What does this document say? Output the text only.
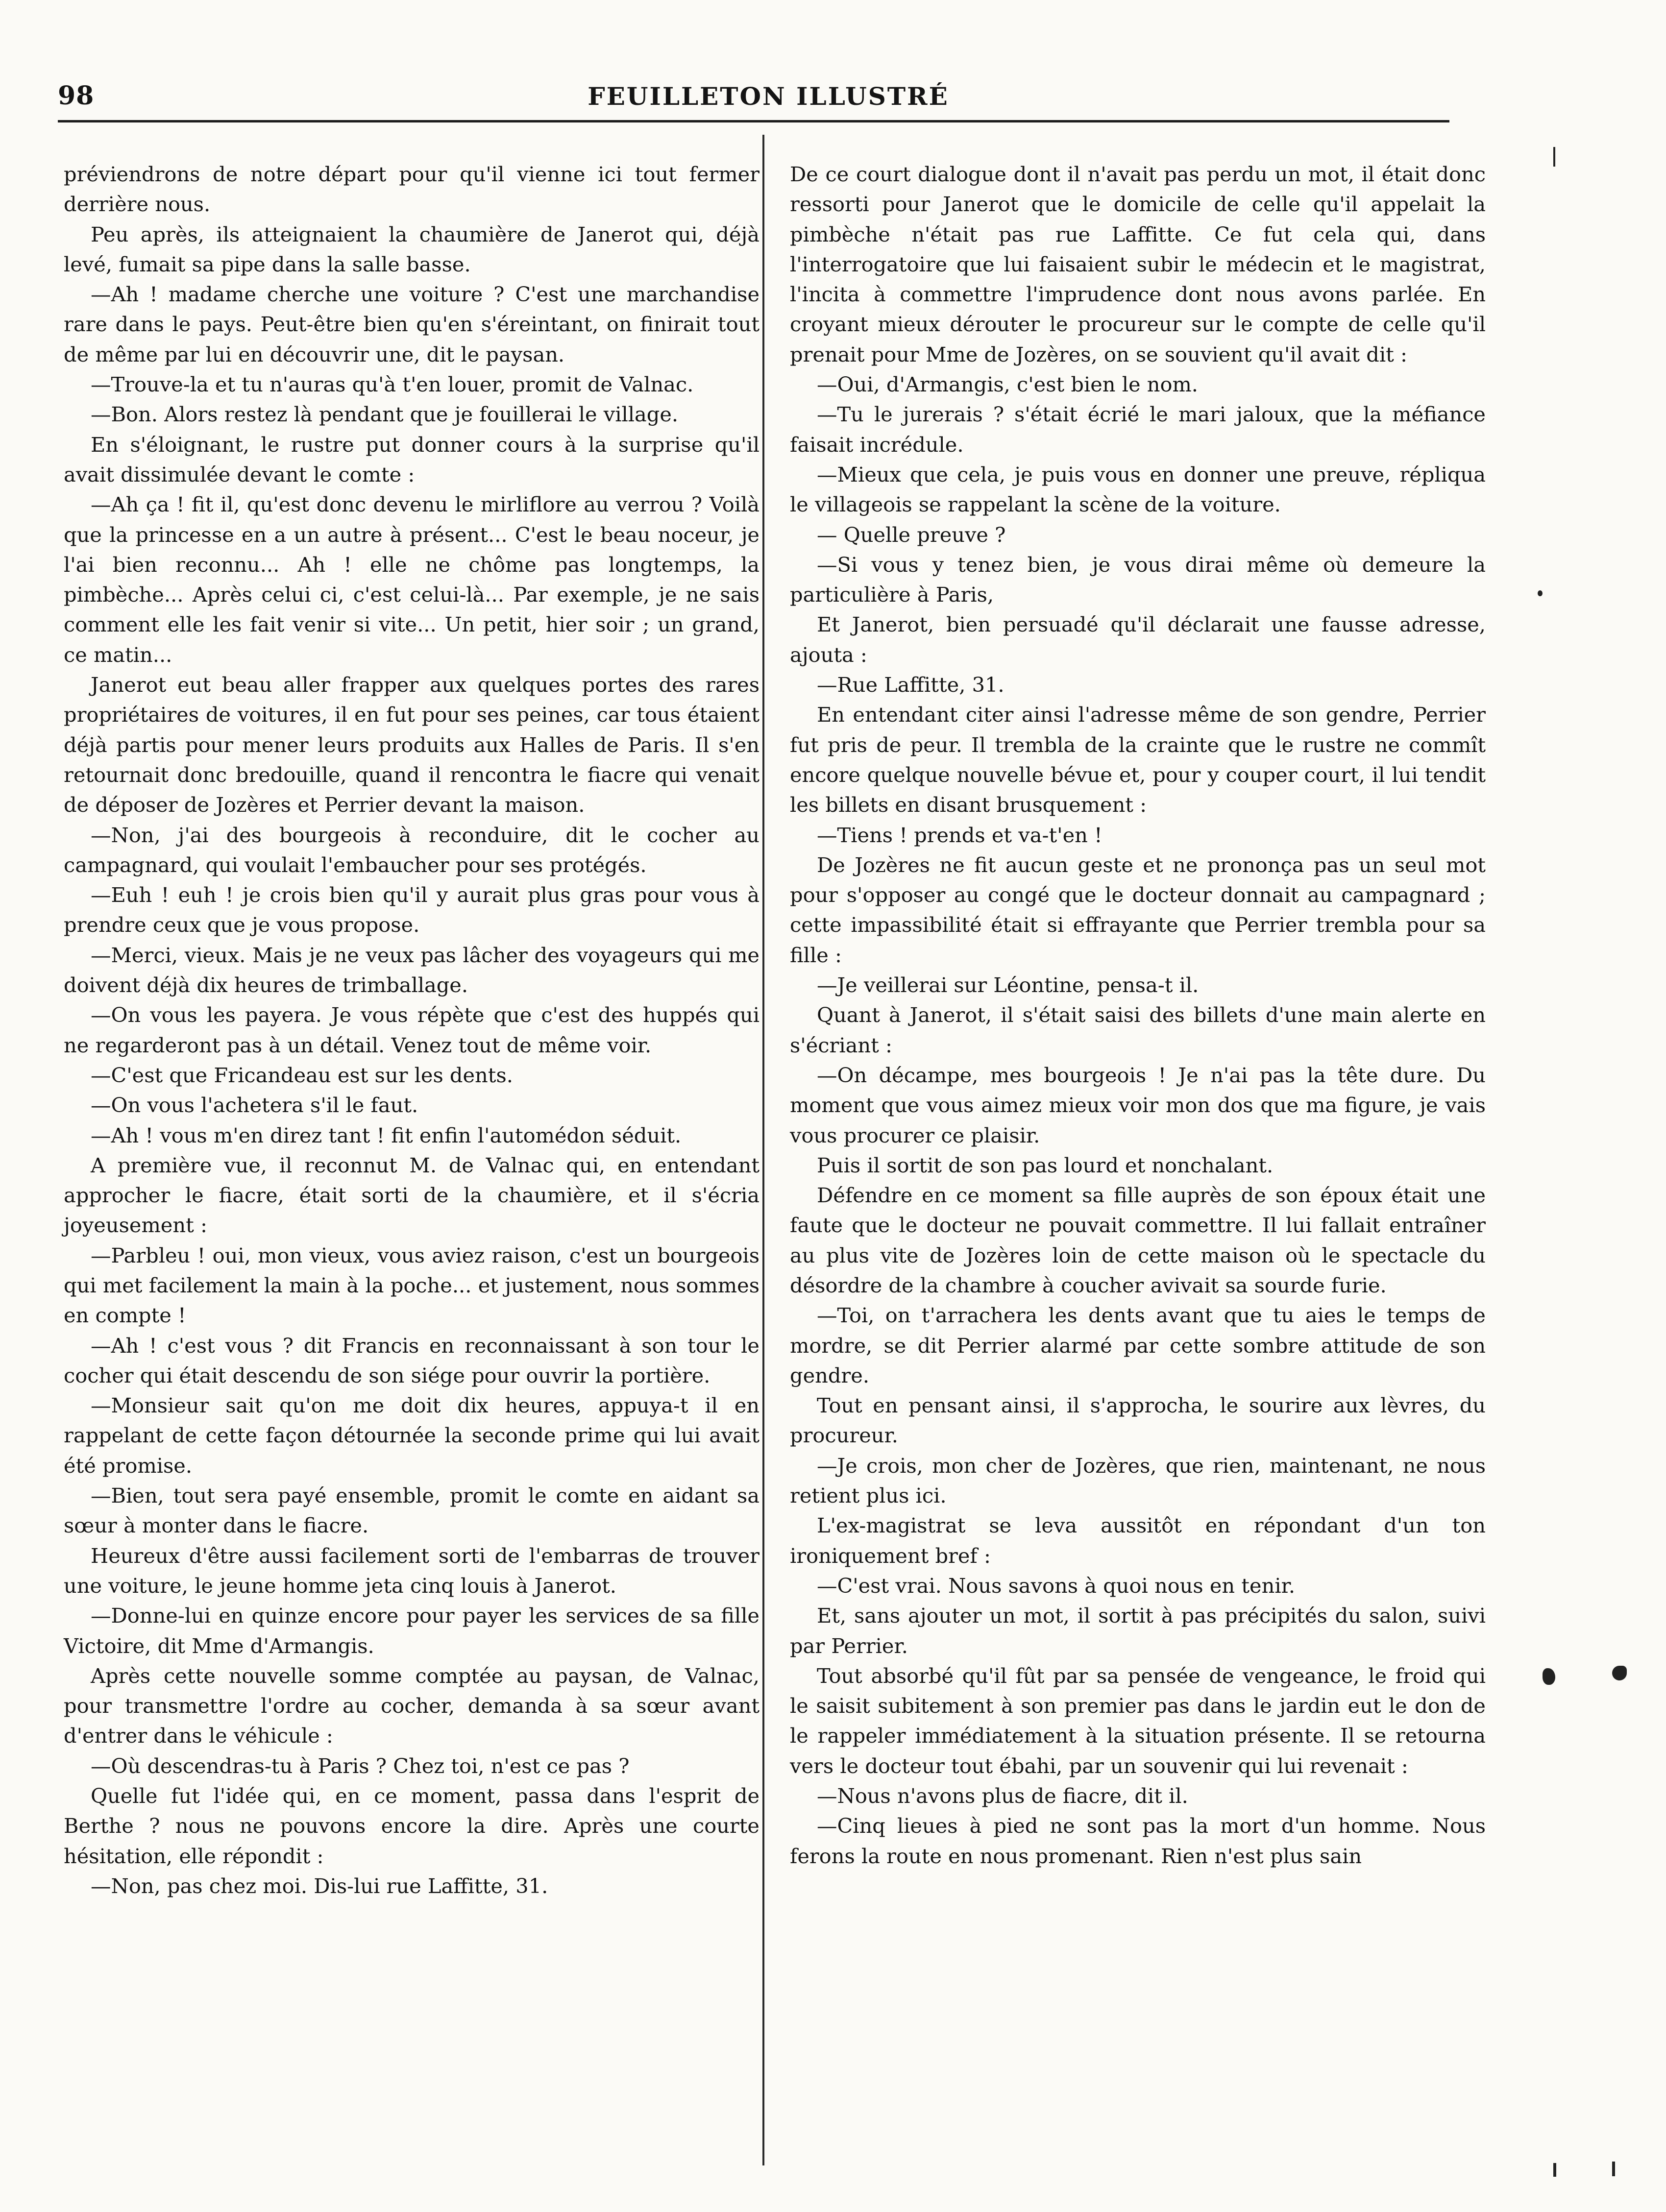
98	FEUILLETON ILLUSTRÉ

préviendrons de notre départ pour qu'il vienne ici tout fermer derrière nous.

Peu après, ils atteignaient la chaumière de Janerot qui, déjà levé, fumait sa pipe dans la salle basse.

—Ah ! madame cherche une voiture ? C'est une marchandise rare dans le pays. Peut-être bien qu'en s'éreintant, on finirait tout de même par lui en découvrir une, dit le paysan.

—Trouve-la et tu n'auras qu'à t'en louer, promit de Valnac.

—Bon. Alors restez là pendant que je fouillerai le village.

En s'éloignant, le rustre put donner cours à la surprise qu'il avait dissimulée devant le comte :

—Ah ça ! fit il, qu'est donc devenu le mirliflore au verrou ? Voilà que la princesse en a un autre à présent... C'est le beau noceur, je l'ai bien reconnu... Ah ! elle ne chôme pas longtemps, la pimbèche... Après celui ci, c'est celui-là... Par exemple, je ne sais comment elle les fait venir si vite... Un petit, hier soir ; un grand, ce matin...

Janerot eut beau aller frapper aux quelques portes des rares propriétaires de voitures, il en fut pour ses peines, car tous étaient déjà partis pour mener leurs produits aux Halles de Paris. Il s'en retournait donc bredouille, quand il rencontra le fiacre qui venait de déposer de Jozères et Perrier devant la maison.

—Non, j'ai des bourgeois à reconduire, dit le cocher au campagnard, qui voulait l'embaucher pour ses protégés.

—Euh ! euh ! je crois bien qu'il y aurait plus gras pour vous à prendre ceux que je vous propose.

—Merci, vieux. Mais je ne veux pas lâcher des voyageurs qui me doivent déjà dix heures de trimballage.

—On vous les payera. Je vous répète que c'est des huppés qui ne regarderont pas à un détail. Venez tout de même voir.

—C'est que Fricandeau est sur les dents.

—On vous l'achetera s'il le faut.

—Ah ! vous m'en direz tant ! fit enfin l'automédon séduit.

A première vue, il reconnut M. de Valnac qui, en entendant approcher le fiacre, était sorti de la chaumière, et il s'écria joyeusement :

—Parbleu ! oui, mon vieux, vous aviez raison, c'est un bourgeois qui met facilement la main à la poche... et justement, nous sommes en compte !

—Ah ! c'est vous ? dit Francis en reconnaissant à son tour le cocher qui était descendu de son siége pour ouvrir la portière.

—Monsieur sait qu'on me doit dix heures, appuya-t il en rappelant de cette façon détournée la seconde prime qui lui avait été promise.

—Bien, tout sera payé ensemble, promit le comte en aidant sa sœur à monter dans le fiacre.

Heureux d'être aussi facilement sorti de l'embarras de trouver une voiture, le jeune homme jeta cinq louis à Janerot.

—Donne-lui en quinze encore pour payer les services de sa fille Victoire, dit Mme d'Armangis.

Après cette nouvelle somme comptée au paysan, de Valnac, pour transmettre l'ordre au cocher, demanda à sa sœur avant d'entrer dans le véhicule :

—Où descendras-tu à Paris ? Chez toi, n'est ce pas ?

Quelle fut l'idée qui, en ce moment, passa dans l'esprit de Berthe ? nous ne pouvons encore la dire. Après une courte hésitation, elle répondit :

—Non, pas chez moi. Dis-lui rue Laffitte, 31.

De ce court dialogue dont il n'avait pas perdu un mot, il était donc ressorti pour Janerot que le domicile de celle qu'il appelait la pimbèche n'était pas rue Laffitte. Ce fut cela qui, dans l'interrogatoire que lui faisaient subir le médecin et le magistrat, l'incita à commettre l'imprudence dont nous avons parlée. En croyant mieux dérouter le procureur sur le compte de celle qu'il prenait pour Mme de Jozères, on se souvient qu'il avait dit :

—Oui, d'Armangis, c'est bien le nom.

—Tu le jurerais ? s'était écrié le mari jaloux, que la méfiance faisait incrédule.

—Mieux que cela, je puis vous en donner une preuve, répliqua le villageois se rappelant la scène de la voiture.

— Quelle preuve ?

—Si vous y tenez bien, je vous dirai même où demeure la particulière à Paris,

Et Janerot, bien persuadé qu'il déclarait une fausse adresse, ajouta :

—Rue Laffitte, 31.

En entendant citer ainsi l'adresse même de son gendre, Perrier fut pris de peur. Il trembla de la crainte que le rustre ne commît encore quelque nouvelle bévue et, pour y couper court, il lui tendit les billets en disant brusquement :

—Tiens ! prends et va-t'en !

De Jozères ne fit aucun geste et ne prononça pas un seul mot pour s'opposer au congé que le docteur donnait au campagnard ; cette impassibilité était si effrayante que Perrier trembla pour sa fille :

—Je veillerai sur Léontine, pensa-t il.

Quant à Janerot, il s'était saisi des billets d'une main alerte en s'écriant :

—On décampe, mes bourgeois ! Je n'ai pas la tête dure. Du moment que vous aimez mieux voir mon dos que ma figure, je vais vous procurer ce plaisir.

Puis il sortit de son pas lourd et nonchalant.

Défendre en ce moment sa fille auprès de son époux était une faute que le docteur ne pouvait commettre. Il lui fallait entraîner au plus vite de Jozères loin de cette maison où le spectacle du désordre de la chambre à coucher avivait sa sourde furie.

—Toi, on t'arrachera les dents avant que tu aies le temps de mordre, se dit Perrier alarmé par cette sombre attitude de son gendre.

Tout en pensant ainsi, il s'approcha, le sourire aux lèvres, du procureur.

—Je crois, mon cher de Jozères, que rien, maintenant, ne nous retient plus ici.

L'ex-magistrat se leva aussitôt en répondant d'un ton ironiquement bref :

—C'est vrai. Nous savons à quoi nous en tenir.

Et, sans ajouter un mot, il sortit à pas précipités du salon, suivi par Perrier.

Tout absorbé qu'il fût par sa pensée de vengeance, le froid qui le saisit subitement à son premier pas dans le jardin eut le don de le rappeler immédiatement à la situation présente. Il se retourna vers le docteur tout ébahi, par un souvenir qui lui revenait :

—Nous n'avons plus de fiacre, dit il.

—Cinq lieues à pied ne sont pas la mort d'un homme. Nous ferons la route en nous promenant. Rien n'est plus sain
